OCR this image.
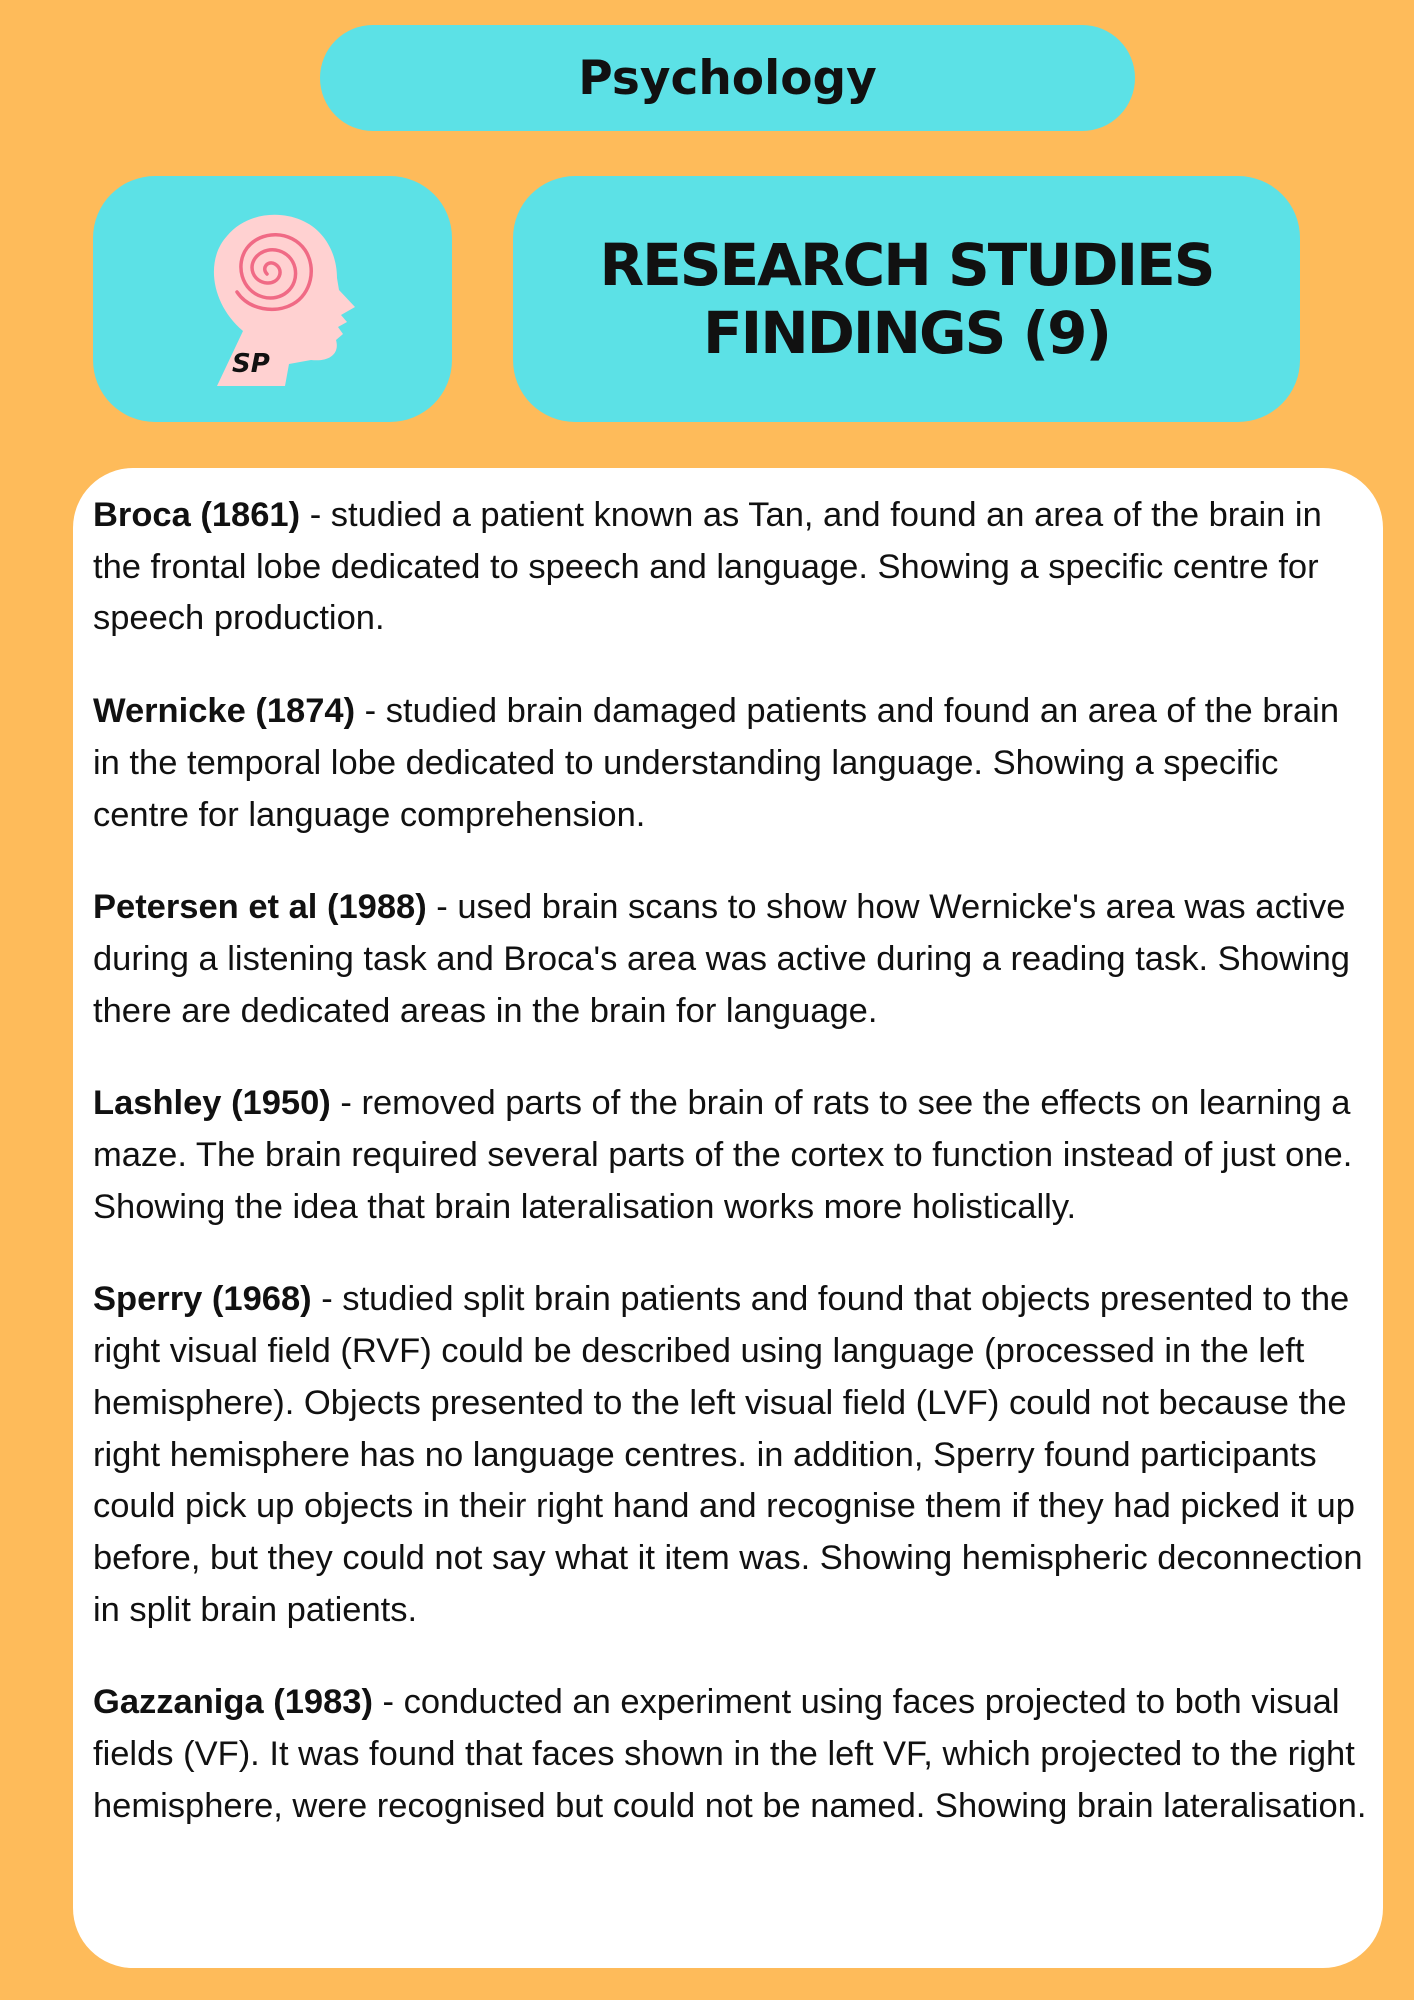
Psychology
SP
RESEARCH STUDIES
FINDINGS (9)

Broca (1861) - studied a patient known as Tan, and found an area of the brain in the frontal lobe dedicated to speech and language. Showing a specific centre for speech production.

Wernicke (1874) - studied brain damaged patients and found an area of the brain in the temporal lobe dedicated to understanding language. Showing a specific centre for language comprehension.

Petersen et al (1988) - used brain scans to show how Wernicke's area was active during a listening task and Broca's area was active during a reading task. Showing there are dedicated areas in the brain for language.

Lashley (1950) - removed parts of the brain of rats to see the effects on learning a maze. The brain required several parts of the cortex to function instead of just one. Showing the idea that brain lateralisation works more holistically.

Sperry (1968) - studied split brain patients and found that objects presented to the right visual field (RVF) could be described using language (processed in the left hemisphere). Objects presented to the left visual field (LVF) could not because the right hemisphere has no language centres. in addition, Sperry found participants could pick up objects in their right hand and recognise them if they had picked it up before, but they could not say what it item was. Showing hemispheric deconnection in split brain patients.

Gazzaniga (1983) - conducted an experiment using faces projected to both visual fields (VF). It was found that faces shown in the left VF, which projected to the right hemisphere, were recognised but could not be named. Showing brain lateralisation.
